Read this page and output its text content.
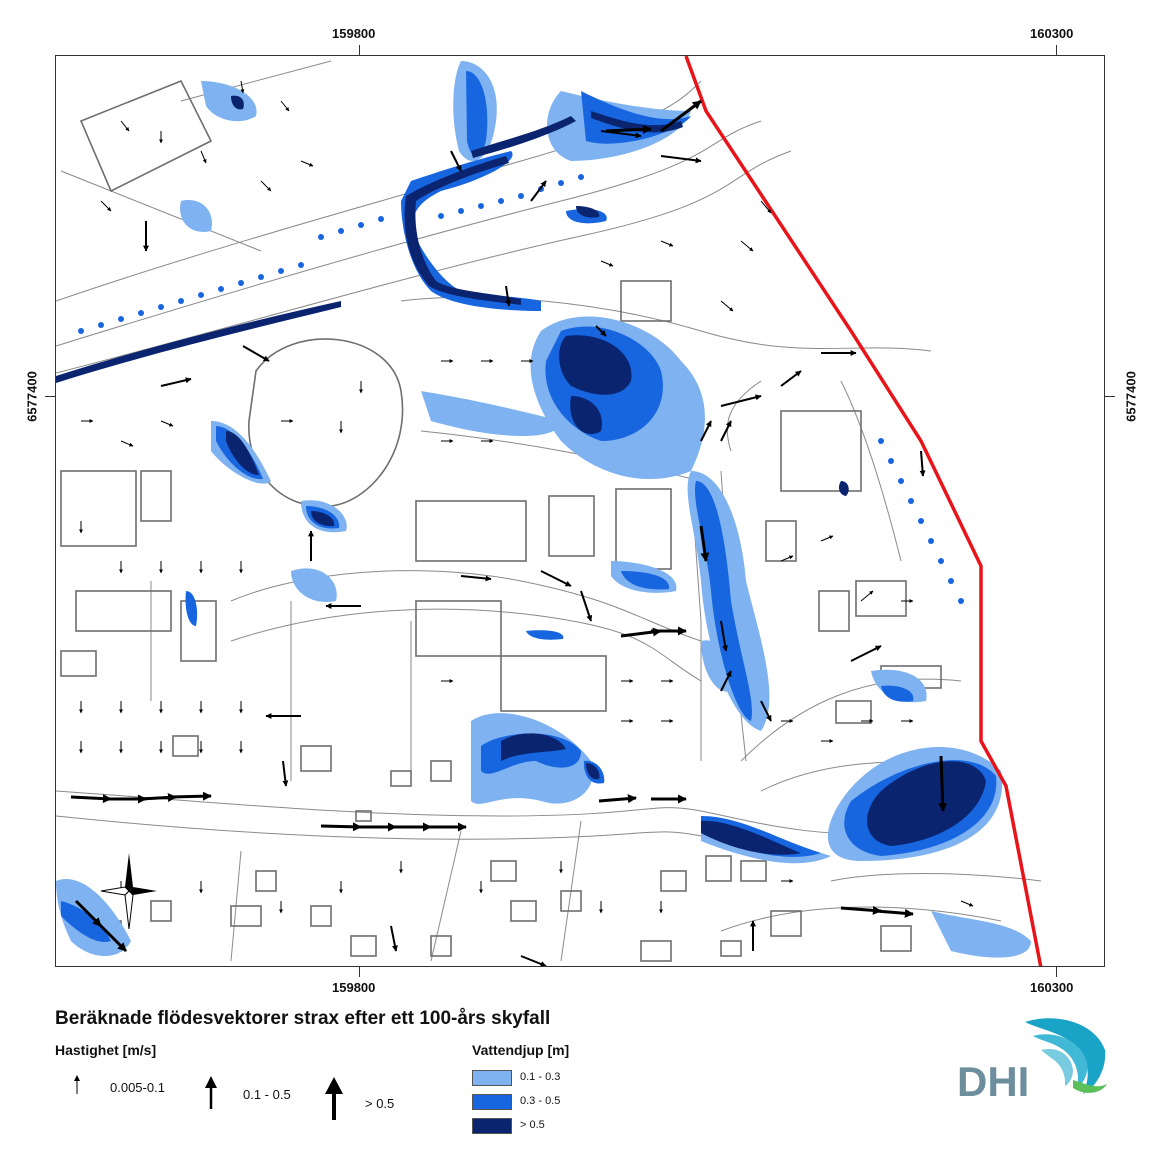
159800	160300
159800	160300
6577400	6577400
Beräknade flödesvektorer strax efter ett 100-års skyfall
Hastighet [m/s]
0.005-0.1	0.1 - 0.5
> 0.5
Vattendjup [m]
0.1 - 0.3
0.3 - 0.5
> 0.5
DHI
